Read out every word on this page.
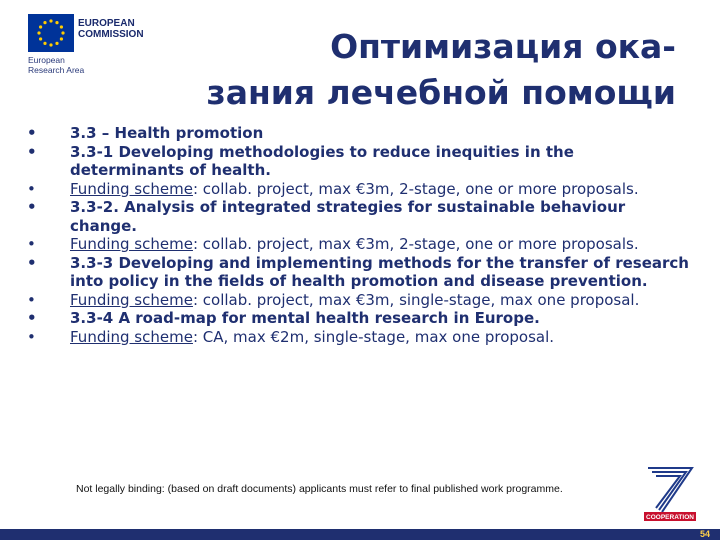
EUROPEAN
COMMISSION
European
Research Area
Оптимизация ока-
зания лечебной помощи
• 3.3 – Health promotion
• 3.3-1 Developing methodologies to reduce inequities in the determinants of health.
• Funding scheme: collab. project, max €3m, 2-stage, one or more proposals.
• 3.3-2. Analysis of integrated strategies for sustainable behaviour change.
• Funding scheme: collab. project, max €3m, 2-stage, one or more proposals.
• 3.3-3 Developing and implementing methods for the transfer of research into policy in the fields of health promotion and disease prevention.
• Funding scheme: collab. project, max €3m, single-stage, max one proposal.
• 3.3-4 A road-map for mental health research in Europe.
• Funding scheme: CA, max €2m, single-stage, max one proposal.
Not legally binding: (based on draft documents) applicants must refer to final published work programme.
COOPERATION
54
